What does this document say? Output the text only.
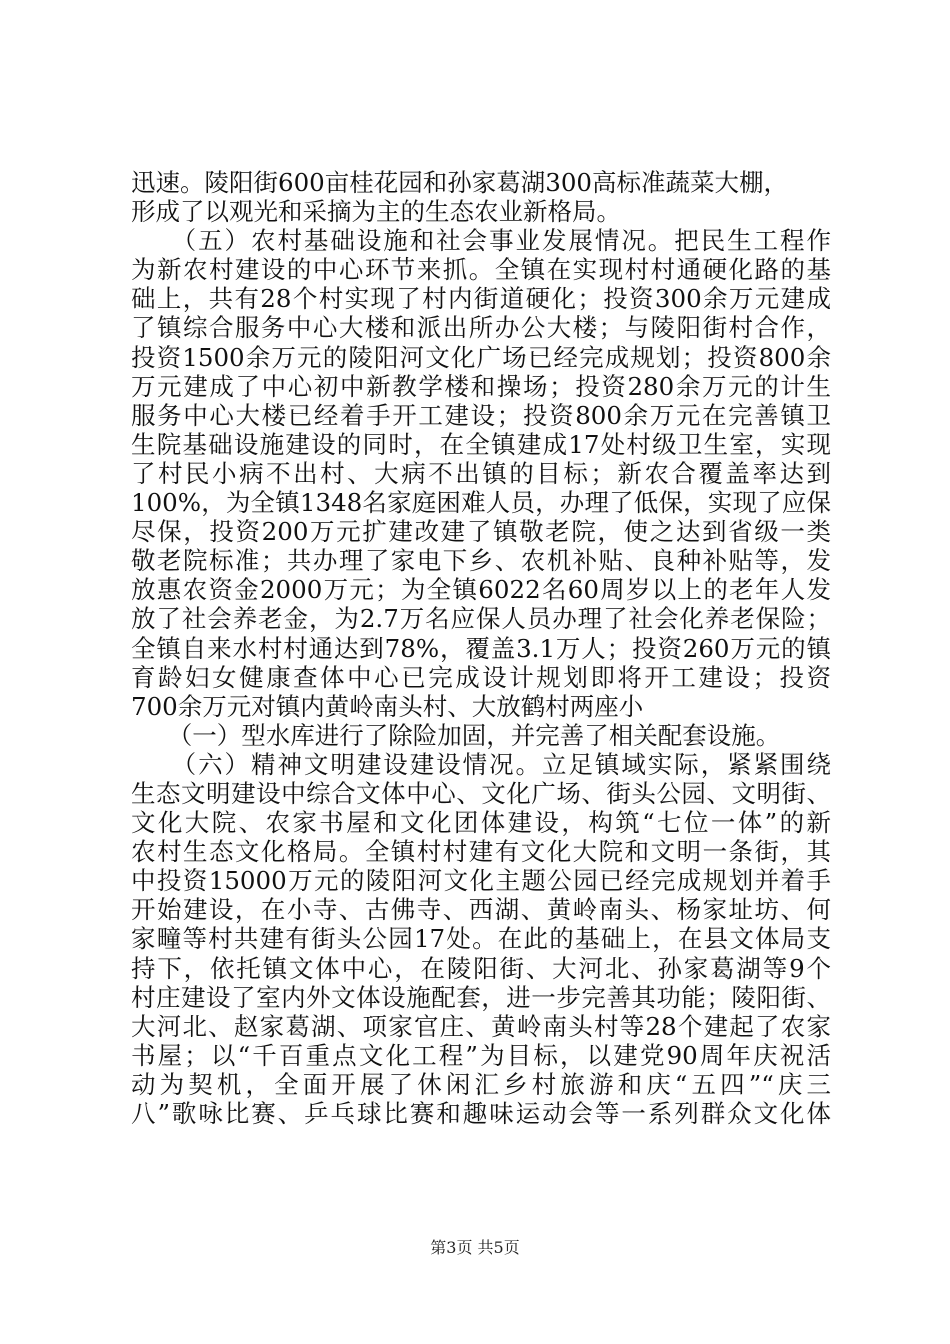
迅速。陵阳街600亩桂花园和孙家葛湖300高标准蔬菜大棚，
形成了以观光和采摘为主的生态农业新格局。
　　（五）农村基础设施和社会事业发展情况。把民生工程作
为新农村建设的中心环节来抓。全镇在实现村村通硬化路的基
础上，共有28个村实现了村内街道硬化；投资300余万元建成
了镇综合服务中心大楼和派出所办公大楼；与陵阳街村合作，
投资1500余万元的陵阳河文化广场已经完成规划；投资800余
万元建成了中心初中新教学楼和操场；投资280余万元的计生
服务中心大楼已经着手开工建设；投资800余万元在完善镇卫
生院基础设施建设的同时，在全镇建成17处村级卫生室，实现
了村民小病不出村、大病不出镇的目标；新农合覆盖率达到
100%，为全镇1348名家庭困难人员，办理了低保，实现了应保
尽保，投资200万元扩建改建了镇敬老院，使之达到省级一类
敬老院标准；共办理了家电下乡、农机补贴、良种补贴等，发
放惠农资金2000万元；为全镇6022名60周岁以上的老年人发
放了社会养老金，为2.7万名应保人员办理了社会化养老保险；
全镇自来水村村通达到78%，覆盖3.1万人；投资260万元的镇
育龄妇女健康查体中心已完成设计规划即将开工建设；投资
700余万元对镇内黄岭南头村、大放鹤村两座小
　　（一）型水库进行了除险加固，并完善了相关配套设施。
　　（六）精神文明建设建设情况。立足镇域实际，紧紧围绕
生态文明建设中综合文体中心、文化广场、街头公园、文明街、
文化大院、农家书屋和文化团体建设，构筑“七位一体”的新
农村生态文化格局。全镇村村建有文化大院和文明一条街，其
中投资15000万元的陵阳河文化主题公园已经完成规划并着手
开始建设，在小寺、古佛寺、西湖、黄岭南头、杨家址坊、何
家疃等村共建有街头公园17处。在此的基础上，在县文体局支
持下，依托镇文体中心，在陵阳街、大河北、孙家葛湖等9个
村庄建设了室内外文体设施配套，进一步完善其功能；陵阳街、
大河北、赵家葛湖、项家官庄、黄岭南头村等28个建起了农家
书屋；以“千百重点文化工程”为目标，以建党90周年庆祝活
动为契机，全面开展了休闲汇乡村旅游和庆“五四”“庆三
八”歌咏比赛、乒乓球比赛和趣味运动会等一系列群众文化体
第3页 共5页
